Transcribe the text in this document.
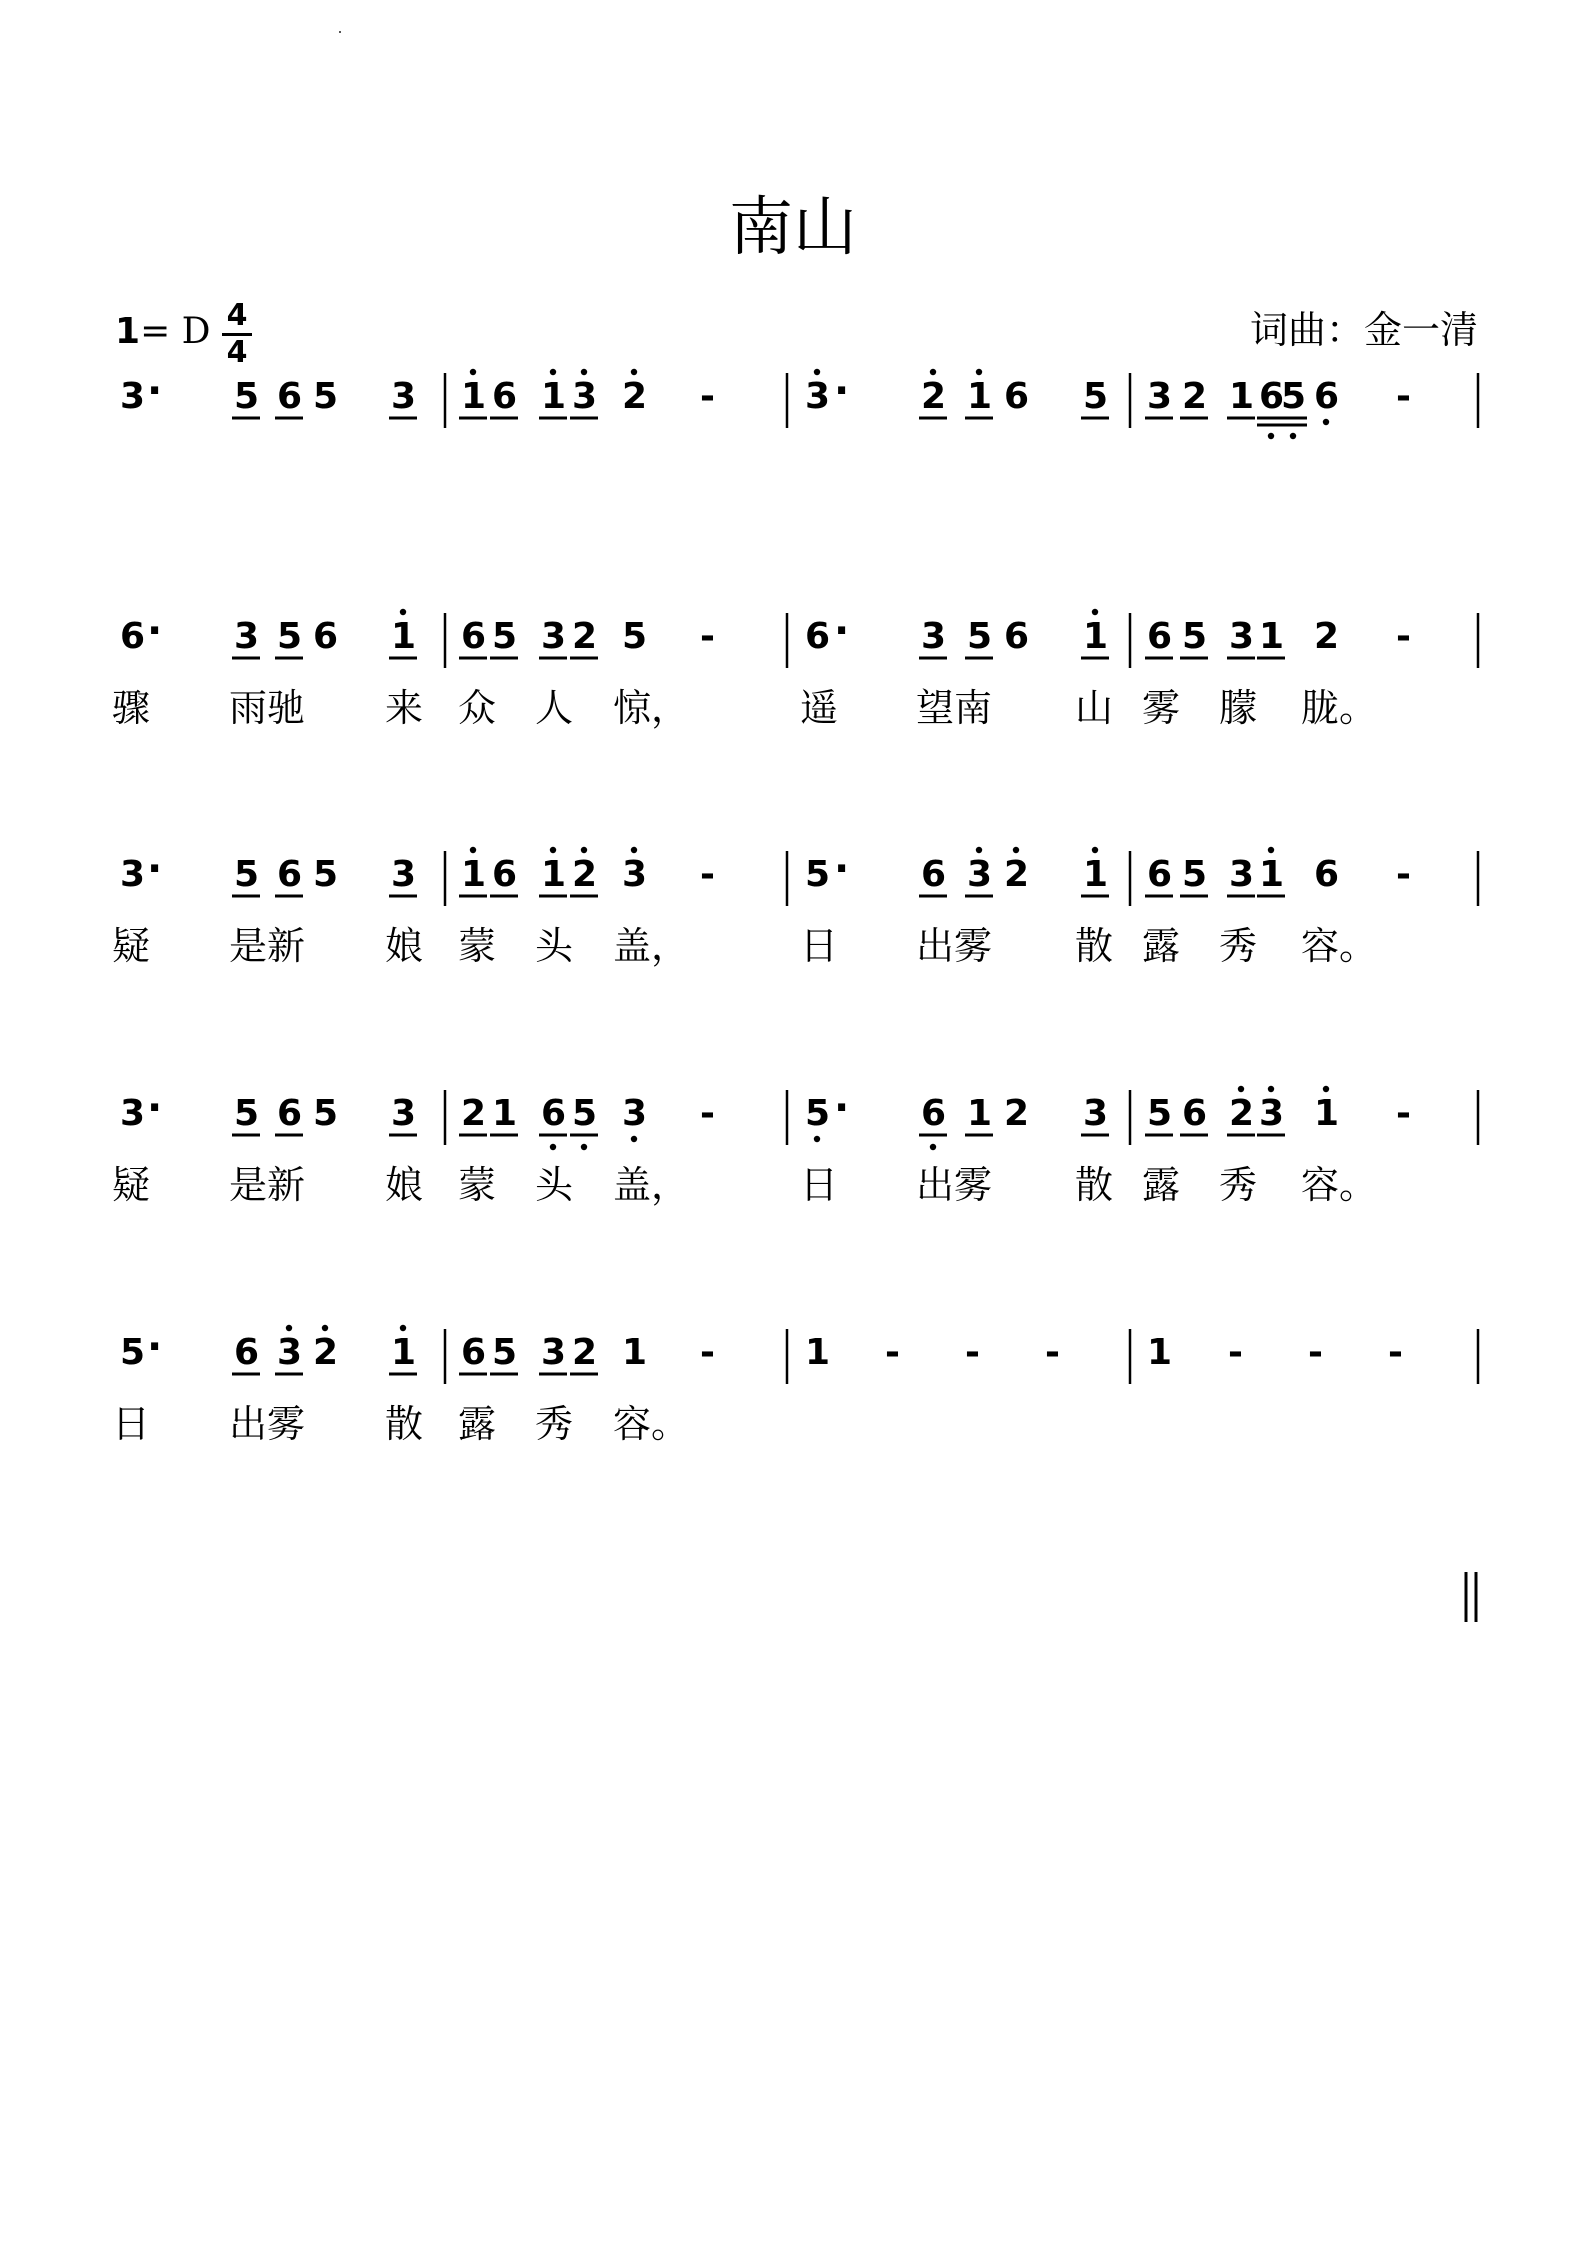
南山
1= D 4
4
词曲：金一清
3 · 5 6 5 3 1 6 1 3 2 -	3 · 2 1 6 5 3 2 1 6
5 6 -
6 · 3 5 6 1 6 5 3 2 5 -	6 · 3 5 6 1 6 5 3 1 2 -
骤 雨驰 来 众 人 惊，	遥 望南 山 雾 朦 胧。
3 · 5 6 5 3 1 6 1 2 3 -	5 · 6 3 2 1 6 5 3 1 6 -
疑 是新 娘 蒙 头 盖，	日 出雾 散 露 秀 容。
3 · 5 6 5 3 2 1 6 5 3 -	5 · 6 1 2 3 5 6 2 3 1 -
疑 是新 娘 蒙 头 盖，	日 出雾 散 露 秀 容。
5 · 6 3 2 1 6 5 3 2 1 -	1 - - - 1 - - -
日 出雾 散 露 秀 容。
